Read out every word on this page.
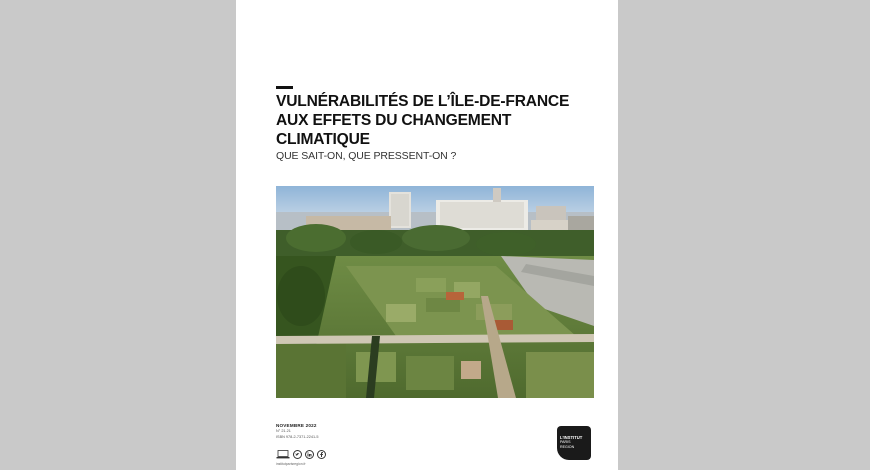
VULNÉRABILITÉS DE L’ÎLE-DE-FRANCE
AUX EFFETS DU CHANGEMENT
CLIMATIQUE

QUE SAIT-ON, QUE PRESSENT-ON ?

NOVEMBRE 2022
N° 21.21
ISBN 978-2-7371-2241-5
institutparisregion.fr
L’INSTITUT
PARIS
REGION
